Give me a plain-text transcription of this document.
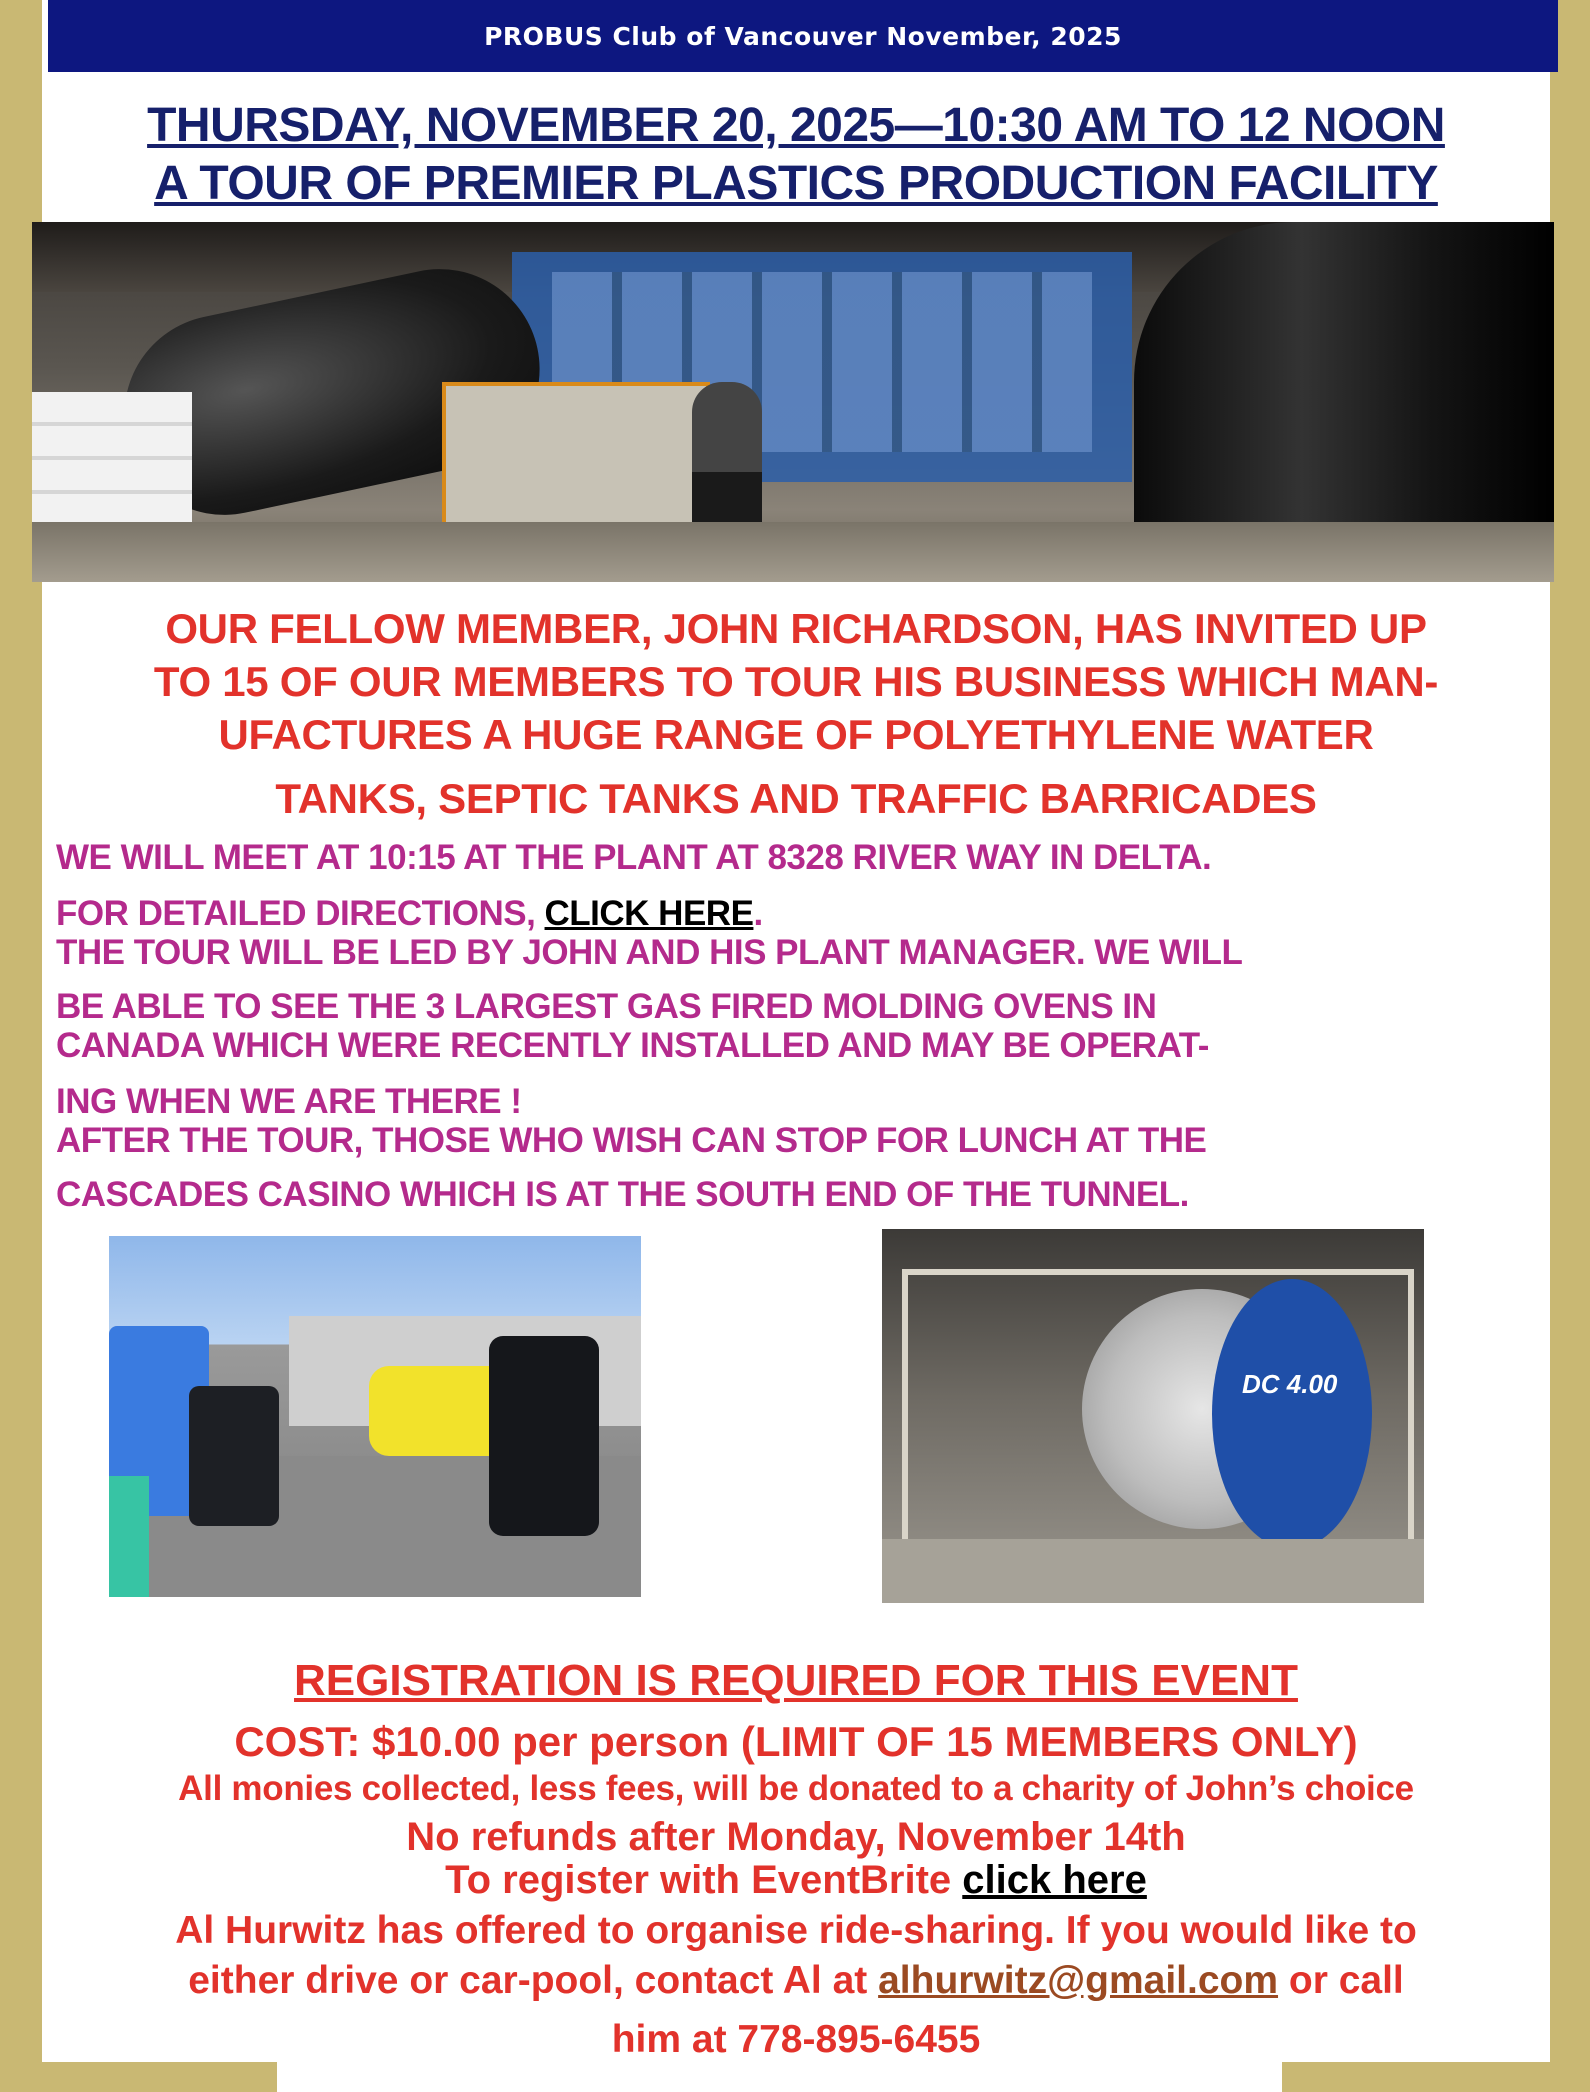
PROBUS Club of Vancouver November, 2025
THURSDAY, NOVEMBER 20, 2025—10:30 AM TO 12 NOON
A TOUR OF PREMIER PLASTICS PRODUCTION FACILITY
OUR FELLOW MEMBER, JOHN RICHARDSON, HAS INVITED UP
TO 15 OF OUR MEMBERS TO TOUR HIS BUSINESS WHICH MAN-
UFACTURES A HUGE RANGE OF POLYETHYLENE WATER
TANKS, SEPTIC TANKS AND TRAFFIC BARRICADES
WE WILL MEET AT 10:15 AT THE PLANT AT 8328 RIVER WAY IN DELTA.
FOR DETAILED DIRECTIONS, CLICK HERE.
THE TOUR WILL BE LED BY JOHN AND HIS PLANT MANAGER. WE WILL
BE ABLE TO SEE THE 3 LARGEST GAS FIRED MOLDING OVENS IN
CANADA WHICH WERE RECENTLY INSTALLED AND MAY BE OPERAT-
ING WHEN WE ARE THERE !
AFTER THE TOUR, THOSE WHO WISH CAN STOP FOR LUNCH AT THE
CASCADES CASINO WHICH IS AT THE SOUTH END OF THE TUNNEL.
DC 4.00
REGISTRATION IS REQUIRED FOR THIS EVENT
COST: $10.00 per person (LIMIT OF 15 MEMBERS ONLY)
All monies collected, less fees, will be donated to a charity of John’s choice
No refunds after Monday, November 14th
To register with EventBrite click here
Al Hurwitz has offered to organise ride-sharing. If you would like to
either drive or car-pool, contact Al at alhurwitz@gmail.com or call
him at 778-895-6455
